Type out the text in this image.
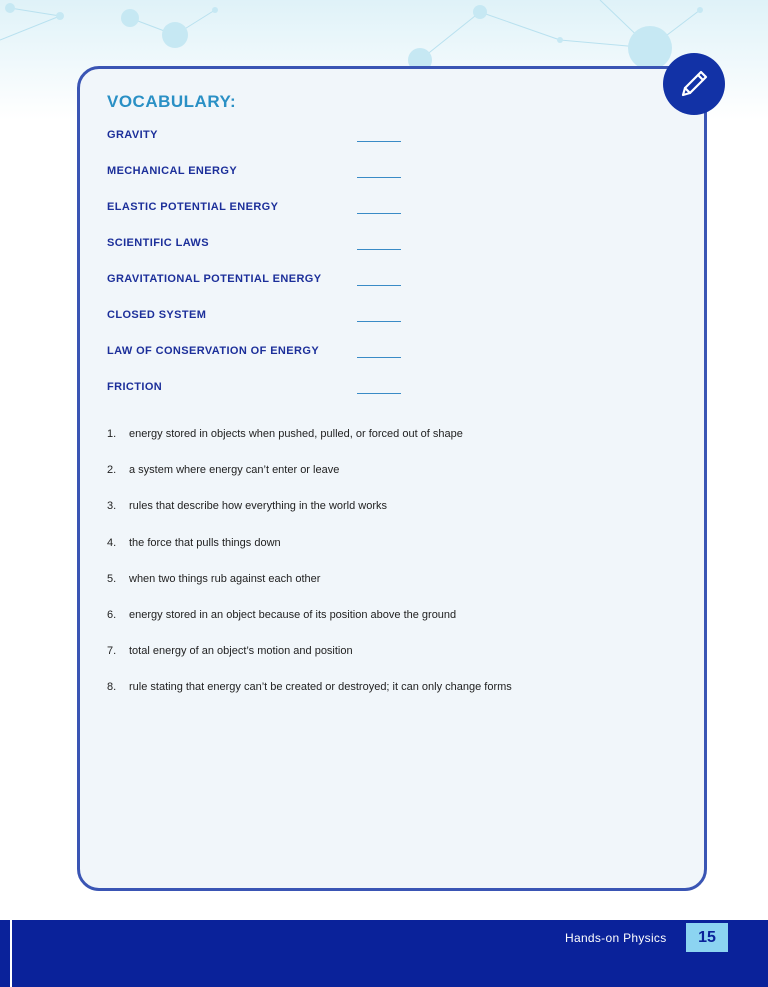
VOCABULARY:
GRAVITY
MECHANICAL ENERGY
ELASTIC POTENTIAL ENERGY
SCIENTIFIC LAWS
GRAVITATIONAL POTENTIAL ENERGY
CLOSED SYSTEM
LAW OF CONSERVATION OF ENERGY
FRICTION
1. energy stored in objects when pushed, pulled, or forced out of shape
2. a system where energy can’t enter or leave
3. rules that describe how everything in the world works
4. the force that pulls things down
5. when two things rub against each other
6. energy stored in an object because of its position above the ground
7. total energy of an object’s motion and position
8. rule stating that energy can’t be created or destroyed; it can only change forms
Hands-on Physics 15
